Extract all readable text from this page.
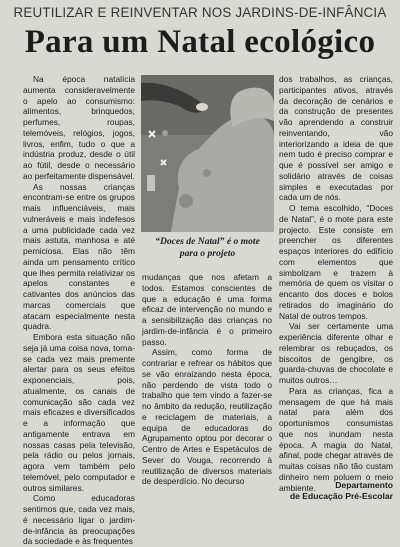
REUTILIZAR E REINVENTAR NOS JARDINS-DE-INFÂNCIA
Para um Natal ecológico

Na época natalícia aumenta consideravelmente o apelo ao consumismo: alimentos, brinquedos, perfumes, roupas, telemóveis, relógios, jogos, livros, enfim, tudo o que a indústria produz, desde o útil ao fútil, desde o necessário ao perfeitamente dispensável.

As nossas crianças encontram-se entre os grupos mais influenciáveis, mais vulneráveis e mais indefesos a uma publicidade cada vez mais astuta, manhosa e até perniciosa. Elas não têm ainda um pensamento crítico que lhes permita relativizar os apelos constantes e cativantes dos anúncios das marcas comerciais que atacam especialmente nesta quadra.

Embora esta situação não seja já uma coisa nova, torna-se cada vez mais premente alertar para os seus efeitos exponenciais, pois, atualmente, os canais de comunicação são cada vez mais eficazes e diversificados e a informação que antigamente entrava em nossas casas pela televisão, pela rádio ou pelos jornais, agora vem também pelo telemóvel, pelo computador e outros similares.

Como educadoras sentimos que, cada vez mais, é necessário ligar o jardim-de-infância às preocupações da sociedade e às frequentes

“Doces de Natal” é o mote
para o projeto

mudanças que nos afetam a todos. Estamos conscientes de que a educação é uma forma eficaz de intervenção no mundo e a sensibilização das crianças no jardim-de-infância é o primeiro passo.

Assim, como forma de contrariar e refrear os hábitos que se vão enraizando nesta época, não perdendo de vista todo o trabalho que tem vindo a fazer-se no âmbito da redução, reutilização e reciclagem de materiais, a equipa de educadoras do Agrupamento optou por decorar o Centro de Artes e Espetáculos de Sever do Vouga, recorrendo à reutilização de diversos materiais de desperdício. No decurso

dos trabalhos, as crianças, participantes ativos, através da decoração de cenários e da construção de presentes vão aprendendo a construir reinventando, vão interiorizando a ideia de que nem tudo é preciso comprar e que é possível ser amigo e solidário através de coisas simples e executadas por cada um de nós.

O tema escolhido, “Doces de Natal”, é o mote para este projecto. Este consiste em preencher os diferentes espaços interiores do edifício com elementos que simbolizam e trazem à memória de quem os visitar o encanto dos doces e bolos retirados do imaginário do Natal de outros tempos.

Vai ser certamente uma experiência diferente olhar e relembrar os rebuçados, os biscoitos de gengibre, os guarda-chuvas de chocolate e muitos outros…

Para as crianças, fica a mensagem de que há mais natal para além dos oportunismos consumistas que nos inundam nesta época. A magia do Natal, afinal, pode chegar através de muitas coisas não tão custam dinheiro nem poluem o meio ambiente.	Departamento
de Educação Pré-Escolar
